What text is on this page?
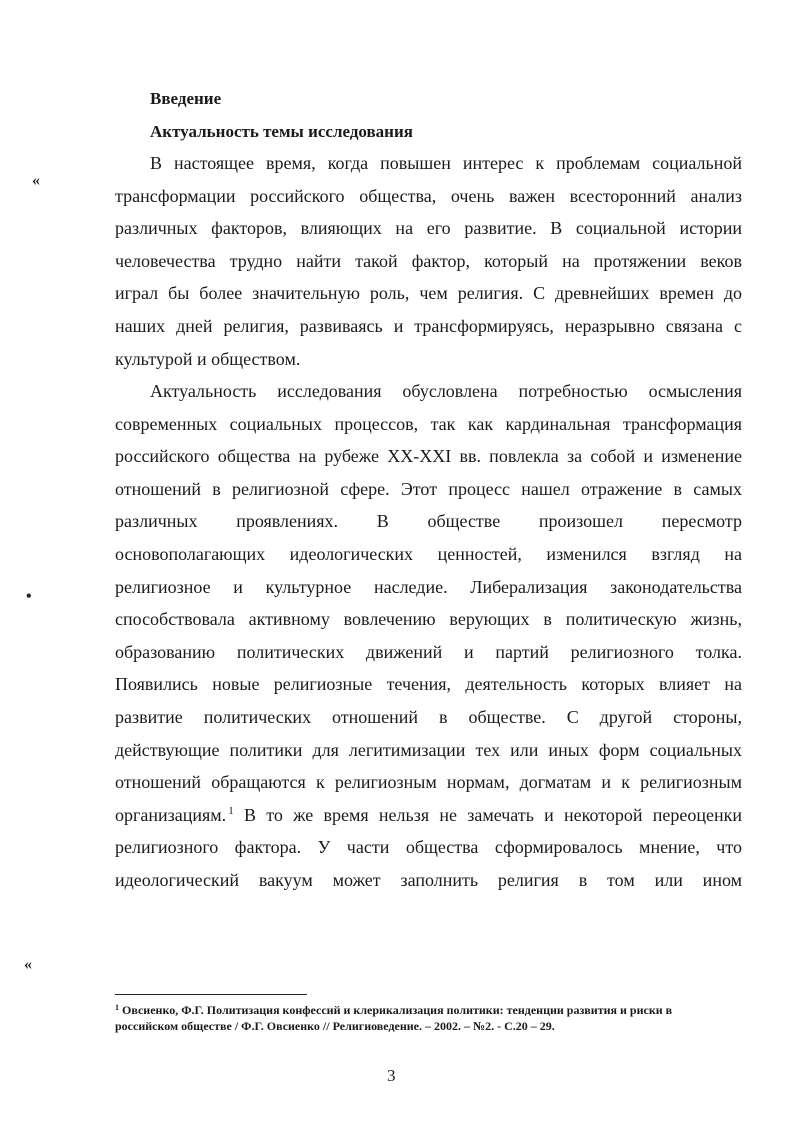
«
•
«
Введение
Актуальность темы исследования
В настоящее время, когда повышен интерес к проблемам социальной
трансформации российского общества, очень важен всесторонний анализ
различных факторов, влияющих на его развитие. В социальной истории
человечества трудно найти такой фактор, который на протяжении веков
играл бы более значительную роль, чем религия. С древнейших времен до
наших дней религия, развиваясь и трансформируясь, неразрывно связана с
культурой и обществом.
Актуальность исследования обусловлена потребностью осмысления
современных социальных процессов, так как кардинальная трансформация
российского общества на рубеже XX-XXI вв. повлекла за собой и изменение
отношений в религиозной сфере. Этот процесс нашел отражение в самых
различных проявлениях. В обществе произошел пересмотр
основополагающих идеологических ценностей, изменился взгляд на
религиозное и культурное наследие. Либерализация законодательства
способствовала активному вовлечению верующих в политическую жизнь,
образованию политических движений и партий религиозного толка.
Появились новые религиозные течения, деятельность которых влияет на
развитие политических отношений в обществе. С другой стороны,
действующие политики для легитимизации тех или иных форм социальных
отношений обращаются к религиозным нормам, догматам и к религиозным
организациям. $^1$ В то же время нельзя не замечать и некоторой переоценки
религиозного фактора. У части общества сформировалось мнение, что
идеологический вакуум может заполнить религия в том или ином
$^1$ Овсиенко, Ф.Г. Политизация конфессий и клерикализация политики: тенденции развития и риски в
российском обществе / Ф.Г. Овсиенко // Религиоведение. – 2002. – №2. - С.20 – 29.
3
